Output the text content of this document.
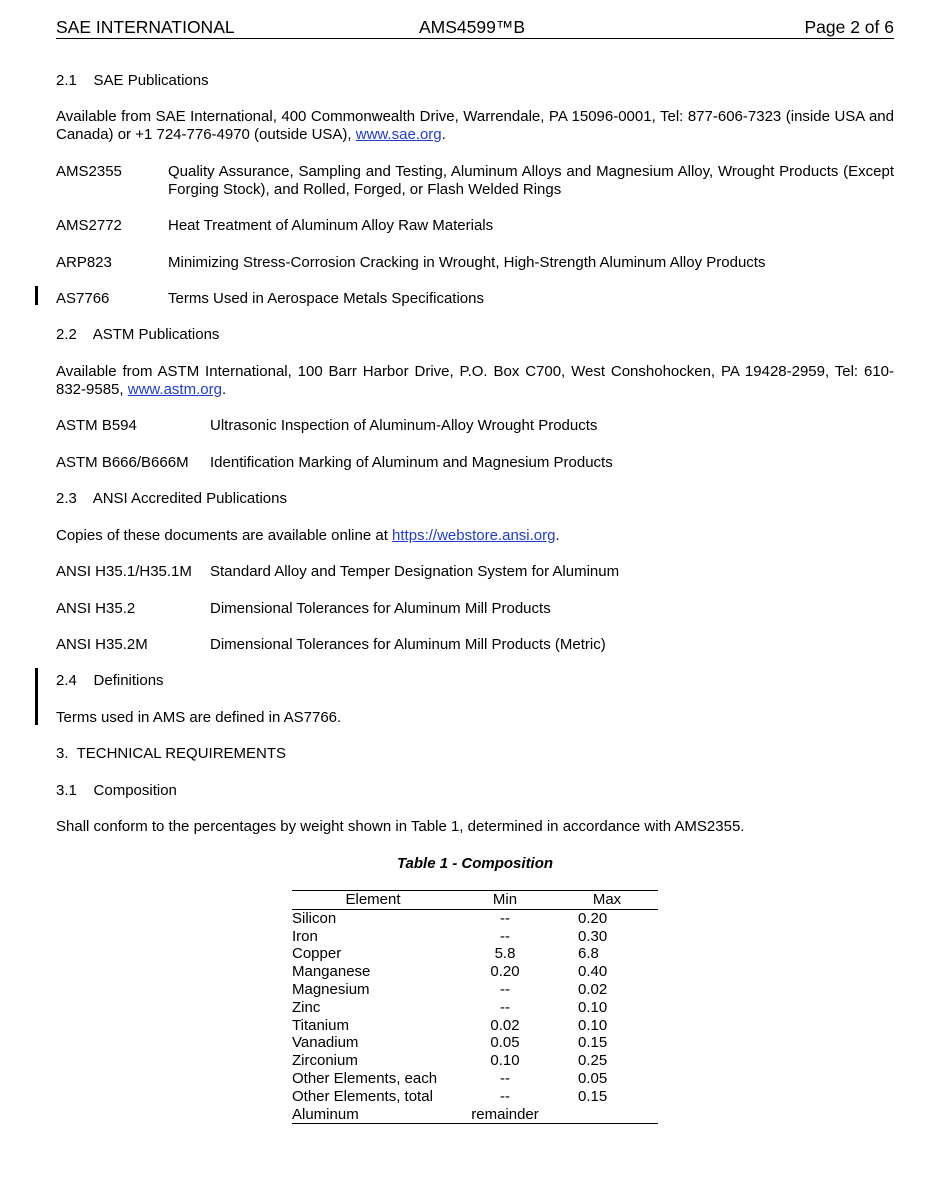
SAE INTERNATIONAL	AMS4599™B	Page 2 of 6
2.1    SAE Publications
Available from SAE International, 400 Commonwealth Drive, Warrendale, PA 15096-0001, Tel: 877-606-7323 (inside USA and Canada) or +1 724-776-4970 (outside USA), www.sae.org.
AMS2355	Quality Assurance, Sampling and Testing, Aluminum Alloys and Magnesium Alloy, Wrought Products (Except Forging Stock), and Rolled, Forged, or Flash Welded Rings
AMS2772	Heat Treatment of Aluminum Alloy Raw Materials
ARP823	Minimizing Stress-Corrosion Cracking in Wrought, High-Strength Aluminum Alloy Products
AS7766	Terms Used in Aerospace Metals Specifications
2.2    ASTM Publications
Available from ASTM International, 100 Barr Harbor Drive, P.O. Box C700, West Conshohocken, PA 19428-2959, Tel: 610-832-9585, www.astm.org.
ASTM B594	Ultrasonic Inspection of Aluminum-Alloy Wrought Products
ASTM B666/B666M Identification Marking of Aluminum and Magnesium Products
2.3    ANSI Accredited Publications
Copies of these documents are available online at https://webstore.ansi.org.
ANSI H35.1/H35.1M Standard Alloy and Temper Designation System for Aluminum
ANSI H35.2	Dimensional Tolerances for Aluminum Mill Products
ANSI H35.2M	Dimensional Tolerances for Aluminum Mill Products (Metric)
2.4    Definitions
Terms used in AMS are defined in AS7766.
3.  TECHNICAL REQUIREMENTS
3.1    Composition
Shall conform to the percentages by weight shown in Table 1, determined in accordance with AMS2355.
Table 1 - Composition
Element	Min	Max
Silicon	--	0.20
Iron	--	0.30
Copper	5.8	6.8
Manganese	0.20	0.40
Magnesium	--	0.02
Zinc	--	0.10
Titanium	0.02	0.10
Vanadium	0.05	0.15
Zirconium	0.10	0.25
Other Elements, each	--	0.05
Other Elements, total	--	0.15
Aluminum	remainder	
